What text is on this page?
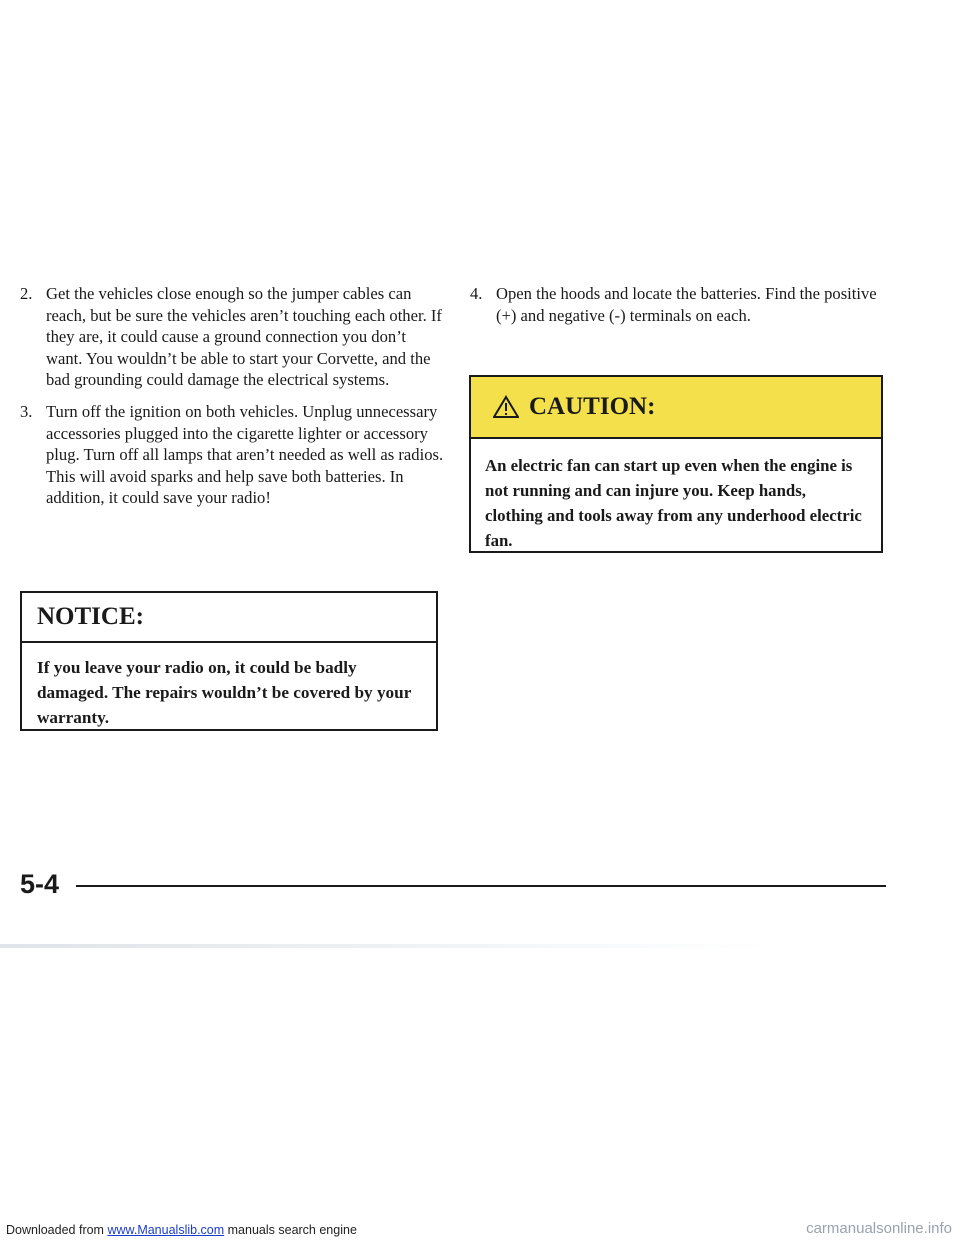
2. Get the vehicles close enough so the jumper cables can reach, but be sure the vehicles aren’t touching each other. If they are, it could cause a ground connection you don’t want. You wouldn’t be able to start your Corvette, and the bad grounding could damage the electrical systems.
3. Turn off the ignition on both vehicles. Unplug unnecessary accessories plugged into the cigarette lighter or accessory plug. Turn off all lamps that aren’t needed as well as radios. This will avoid sparks and help save both batteries. In addition, it could save your radio!
NOTICE:
If you leave your radio on, it could be badly damaged. The repairs wouldn’t be covered by your warranty.
4. Open the hoods and locate the batteries. Find the positive (+) and negative (-) terminals on each.
CAUTION:
An electric fan can start up even when the engine is not running and can injure you. Keep hands, clothing and tools away from any underhood electric fan.
5-4
Downloaded from www.Manualslib.com manuals search engine	carmanualsonline.info
